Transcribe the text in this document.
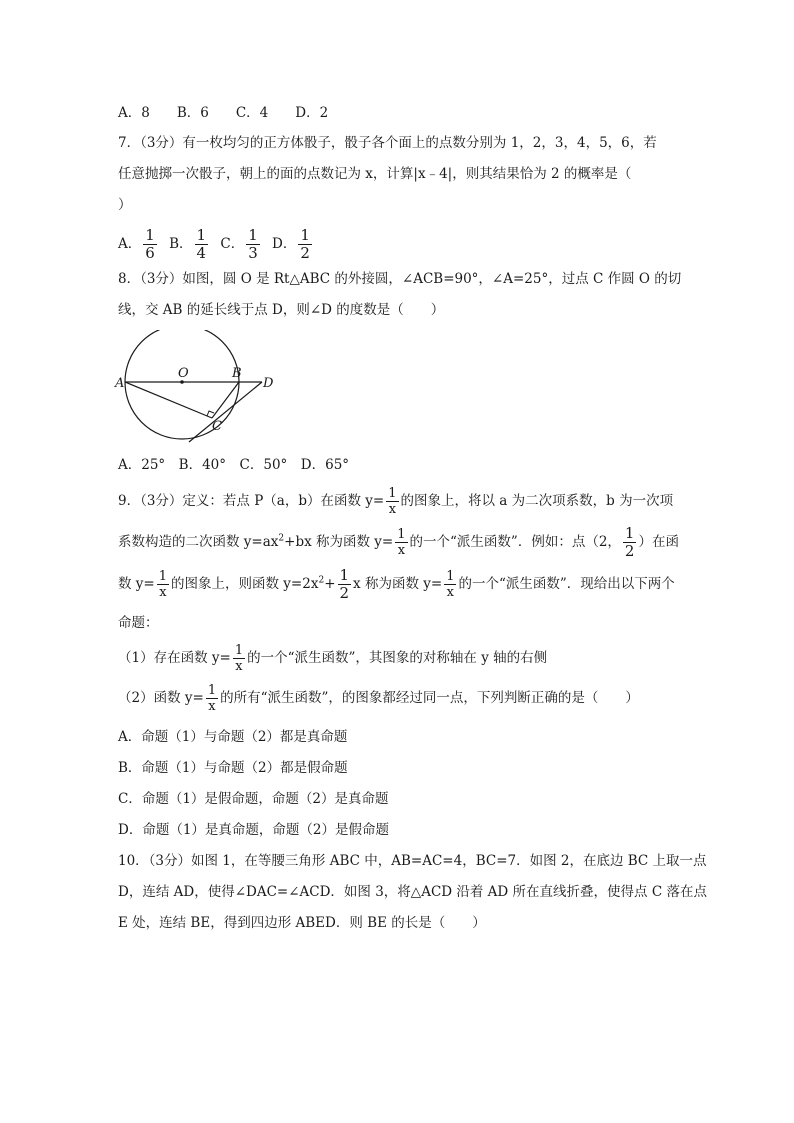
A．8　　B．6　　C．4　　D．2
7．（3分）有一枚均匀的正方体骰子，骰子各个面上的点数分别为 1，2，3，4，5，6，若
任意抛掷一次骰子，朝上的面的点数记为 x，计算|x﹣4|，则其结果恰为 2 的概率是（
）
A． $\frac{1}{6}$ B． $\frac{1}{4}$ C． $\frac{1}{3}$ D． $\frac{1}{2}$
8．（3分）如图，圆 O 是 Rt△ABC 的外接圆，∠ACB=90°，∠A=25°，过点 C 作圆 O 的切
线，交 AB 的延长线于点 D，则∠D 的度数是（　　）
A
O	B
D
C
A．25°　B．40°　C．50°　D．65°
9．（3分）定义：若点 P（a，b）在函数 $y= \frac{1}{x}$ 的图象上，将以 a 为二次项系数，b 为一次项
系数构造的二次函数 $y=ax^2+bx$ 称为函数 $y= \frac{1}{x}$ 的一个“派生函数”．例如：点（2， $\frac{1}{2}$ ）在函
数 $y= \frac{1}{x}$ 的图象上，则函数 $y=2x^2+ \frac{1}{2}$ x 称为函数 $y= \frac{1}{x}$ 的一个“派生函数”．现给出以下两个
命题：
（1）存在函数 $y= \frac{1}{x}$ 的一个“派生函数”，其图象的对称轴在 y 轴的右侧
（2）函数 $y= \frac{1}{x}$ 的所有“派生函数”，的图象都经过同一点，下列判断正确的是（　　）
A．命题（1）与命题（2）都是真命题
B．命题（1）与命题（2）都是假命题
C．命题（1）是假命题，命题（2）是真命题
D．命题（1）是真命题，命题（2）是假命题
10．（3分）如图 1，在等腰三角形 ABC 中，AB=AC=4，BC=7．如图 2，在底边 BC 上取一点
D，连结 AD，使得∠DAC=∠ACD．如图 3，将△ACD 沿着 AD 所在直线折叠，使得点 C 落在点
E 处，连结 BE，得到四边形 ABED．则 BE 的长是（　　）
